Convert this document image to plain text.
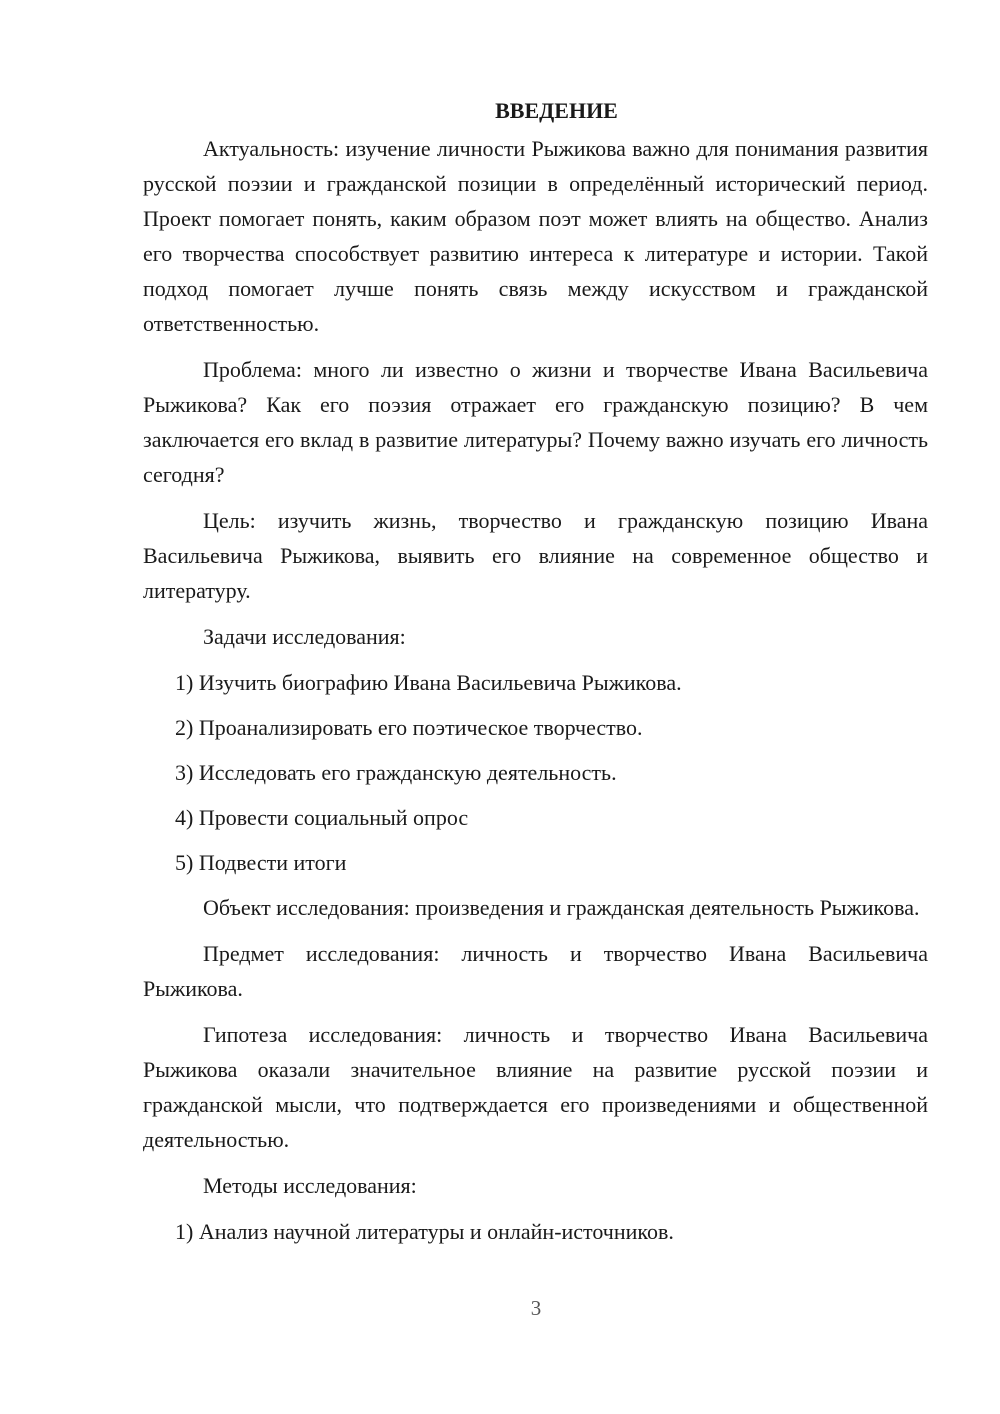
ВВЕДЕНИЕ

Актуальность: изучение личности Рыжикова важно для понимания развития русской поэзии и гражданской позиции в определённый исторический период. Проект помогает понять, каким образом поэт может влиять на общество. Анализ его творчества способствует развитию интереса к литературе и истории. Такой подход помогает лучше понять связь между искусством и гражданской ответственностью.

Проблема: много ли известно о жизни и творчестве Ивана Васильевича Рыжикова? Как его поэзия отражает его гражданскую позицию? В чем заключается его вклад в развитие литературы? Почему важно изучать его личность сегодня?

Цель: изучить жизнь, творчество и гражданскую позицию Ивана Васильевича Рыжикова, выявить его влияние на современное общество и литературу.

Задачи исследования:

1) Изучить биографию Ивана Васильевича Рыжикова.

2) Проанализировать его поэтическое творчество.

3) Исследовать его гражданскую деятельность.

4) Провести социальный опрос

5) Подвести итоги

Объект исследования: произведения и гражданская деятельность Рыжикова.

Предмет исследования: личность и творчество Ивана Васильевича Рыжикова.

Гипотеза исследования: личность и творчество Ивана Васильевича Рыжикова оказали значительное влияние на развитие русской поэзии и гражданской мысли, что подтверждается его произведениями и общественной деятельностью.

Методы исследования:

1) Анализ научной литературы и онлайн-источников.

3
